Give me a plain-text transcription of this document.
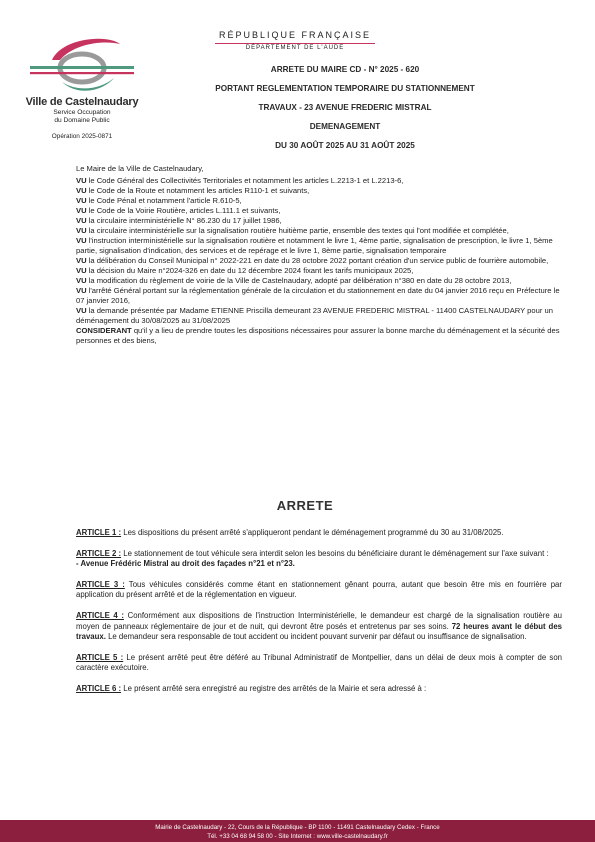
Ville de Castelnaudary
Service Occupation
du Domaine Public
Opération 2025-0871
RÉPUBLIQUE FRANÇAISE
DÉPARTEMENT DE L'AUDE
ARRETE DU MAIRE CD - N° 2025 - 620
PORTANT REGLEMENTATION TEMPORAIRE DU STATIONNEMENT
TRAVAUX - 23 AVENUE FREDERIC MISTRAL
DEMENAGEMENT
DU 30 AOÛT 2025 AU 31 AOÛT 2025

Le Maire de la Ville de Castelnaudary,

VU le Code Général des Collectivités Territoriales et notamment les articles L.2213-1 et L.2213-6,

VU le Code de la Route et notamment les articles R110-1 et suivants,

VU le Code Pénal et notamment l'article R.610-5,

VU le Code de la Voirie Routière, articles L.111.1 et suivants,

VU la circulaire interministérielle N° 86.230 du 17 juillet 1986,

VU la circulaire interministérielle sur la signalisation routière huitième partie, ensemble des textes qui l'ont modifiée et complétée,

VU l'instruction interministérielle sur la signalisation routière et notamment le livre 1, 4ème partie, signalisation de prescription, le livre 1, 5ème partie, signalisation d'indication, des services et de repérage et le livre 1, 8ème partie, signalisation temporaire

VU la délibération du Conseil Municipal n° 2022-221 en date du 28 octobre 2022 portant création d'un service public de fourrière automobile,

VU la décision du Maire n°2024-326 en date du 12 décembre 2024 fixant les tarifs municipaux 2025,

VU la modification du règlement de voirie de la Ville de Castelnaudary, adopté par délibération n°380 en date du 28 octobre 2013,

VU l'arrêté Général portant sur la réglementation générale de la circulation et du stationnement en date du 04 janvier 2016 reçu en Préfecture le 07 janvier 2016,

VU la demande présentée par Madame ETIENNE Priscilla demeurant 23 AVENUE FREDERIC MISTRAL - 11400 CASTELNAUDARY pour un déménagement du 30/08/2025 au 31/08/2025

CONSIDERANT qu'il y a lieu de prendre toutes les dispositions nécessaires pour assurer la bonne marche du déménagement et la sécurité des personnes et des biens,

ARRETE

ARTICLE 1 : Les dispositions du présent arrêté s'appliqueront pendant le déménagement programmé du 30 au 31/08/2025.

ARTICLE 2 : Le stationnement de tout véhicule sera interdit selon les besoins du bénéficiaire durant le déménagement sur l'axe suivant :
- Avenue Frédéric Mistral au droit des façades n°21 et n°23.

ARTICLE 3 : Tous véhicules considérés comme étant en stationnement gênant pourra, autant que besoin être mis en fourrière par application du présent arrêté et de la réglementation en vigueur.

ARTICLE 4 : Conformément aux dispositions de l'instruction Interministérielle, le demandeur est chargé de la signalisation routière au moyen de panneaux réglementaire de jour et de nuit, qui devront être posés et entretenus par ses soins. 72 heures avant le début des travaux. Le demandeur sera responsable de tout accident ou incident pouvant survenir par défaut ou insuffisance de signalisation.

ARTICLE 5 : Le présent arrêté peut être déféré au Tribunal Administratif de Montpellier, dans un délai de deux mois à compter de son caractère exécutoire.

ARTICLE 6 : Le présent arrêté sera enregistré au registre des arrêtés de la Mairie et sera adressé à :

Mairie de Castelnaudary - 22, Cours de la République - BP 1100 - 11491 Castelnaudary Cedex - France
Tél. +33 04 68 94 58 00 - Site Internet : www.ville-castelnaudary.fr
